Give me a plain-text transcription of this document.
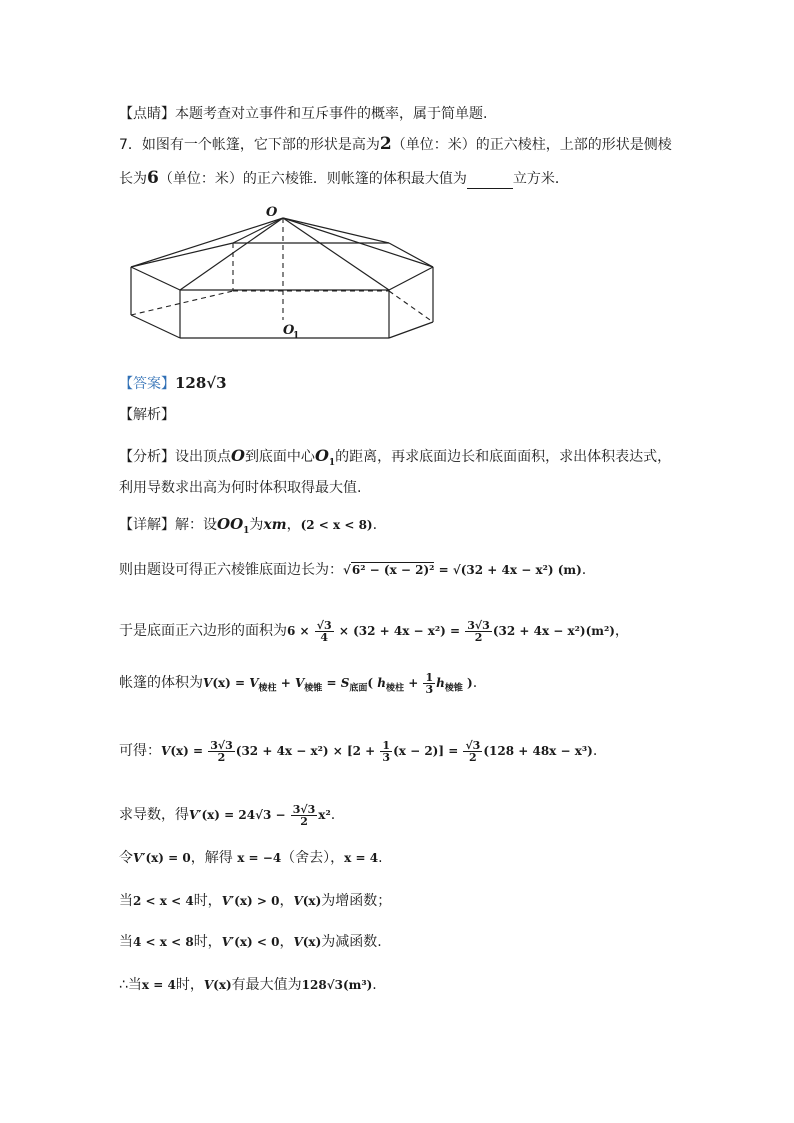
【点睛】本题考查对立事件和互斥事件的概率，属于简单题.
7．如图有一个帐篷，它下部的形状是高为2（单位：米）的正六棱柱，上部的形状是侧棱
长为6（单位：米）的正六棱锥．则帐篷的体积最大值为	立方米．
O
O
1
【答案】128√3
【解析】
【分析】设出顶点O到底面中心$O_1$的距离，再求底面边长和底面面积，求出体积表达式，
利用导数求出高为何时体积取得最大值.
【详解】解：设$OO_1$为xm，(2 < x < 8).
则由题设可得正六棱锥底面边长为：√6² − (x − 2)² = √(32 + 4x − x²) (m).
于是底面正六边形的面积为$6 \times \frac{√3}{4} \times (32 + 4x - x^2) = \frac{3√3}{2} (32 + 4x - x^2)(m^2)$，
帐篷的体积为$V(x) = V_{棱柱} + V_{棱锥} = S_{底面}$( $h_{棱柱} + \frac{1}{3} h_{棱锥}$ ).
可得：$V(x) = \frac{3√3}{2} (32 + 4x - x^2) \times [2 + \frac{1}{3} (x - 2)] = \frac{√3}{2} (128 + 48x - x^3)$.
求导数，得$V'(x) = 24√3 - \frac{3√3}{2} x^2$.
令V′(x) = 0，解得 x = −4（舍去），x = 4.
当2 < x < 4时，V′(x) > 0，V(x)为增函数；
当4 < x < 8时，V′(x) < 0，V(x)为减函数.
∴当x = 4时，V(x)有最大值为128√3(m³).
